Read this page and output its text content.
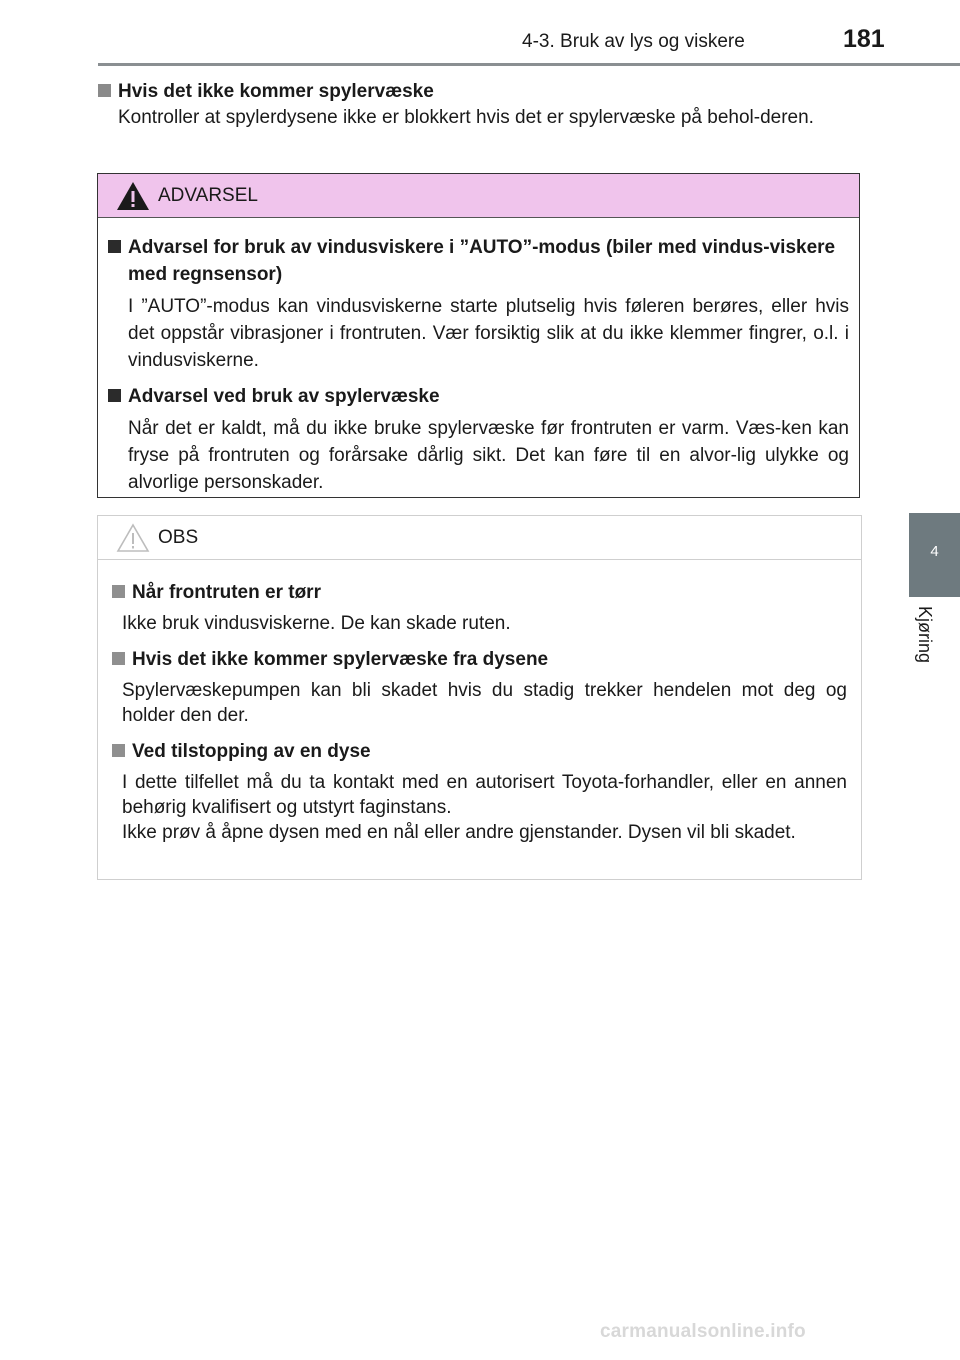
4-3. Bruk av lys og viskere	181
4
Kjøring
Hvis det ikke kommer spylervæske
Kontroller at spylerdysene ikke er blokkert hvis det er spylervæske på behol-deren.
ADVARSEL
Advarsel for bruk av vindusviskere i ”AUTO”-modus (biler med vindus-viskere med regnsensor)
I ”AUTO”-modus kan vindusviskerne starte plutselig hvis føleren berøres, eller hvis det oppstår vibrasjoner i frontruten. Vær forsiktig slik at du ikke klemmer fingrer, o.l. i vindusviskerne.
Advarsel ved bruk av spylervæske
Når det er kaldt, må du ikke bruke spylervæske før frontruten er varm. Væs-ken kan fryse på frontruten og forårsake dårlig sikt. Det kan føre til en alvor-lig ulykke og alvorlige personskader.
OBS
Når frontruten er tørr
Ikke bruk vindusviskerne. De kan skade ruten.
Hvis det ikke kommer spylervæske fra dysene
Spylervæskepumpen kan bli skadet hvis du stadig trekker hendelen mot deg og holder den der.
Ved tilstopping av en dyse
I dette tilfellet må du ta kontakt med en autorisert Toyota-forhandler, eller en annen behørig kvalifisert og utstyrt faginstans.
Ikke prøv å åpne dysen med en nål eller andre gjenstander. Dysen vil bli skadet.
carmanualsonline.info
